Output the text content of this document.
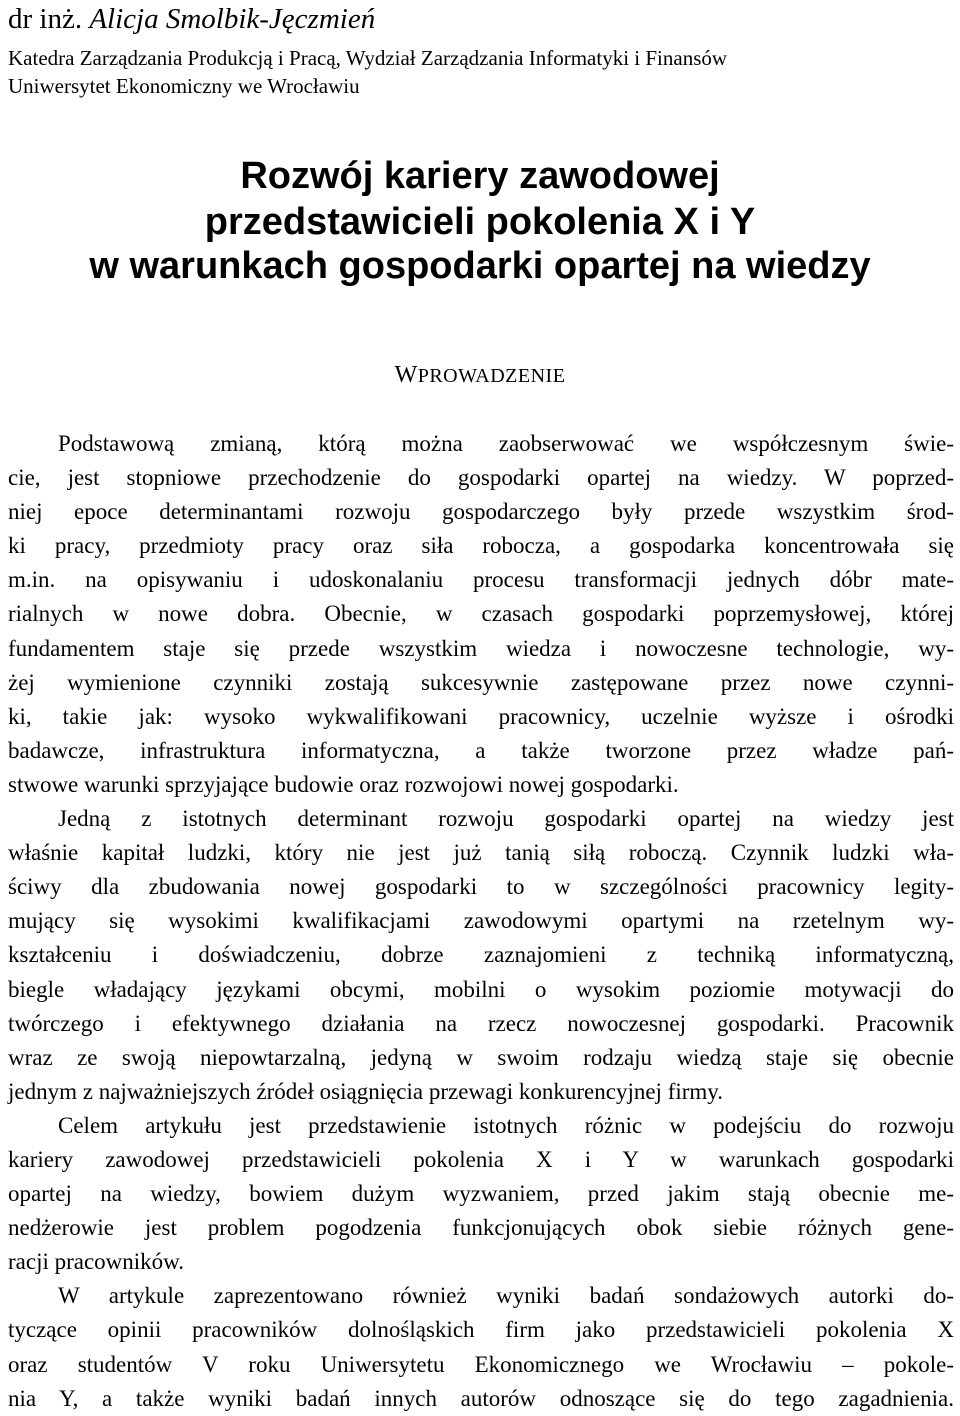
dr inż. Alicja Smolbik-Jęczmień
Katedra Zarządzania Produkcją i Pracą, Wydział Zarządzania Informatyki i Finansów
Uniwersytet Ekonomiczny we Wrocławiu
Rozwój kariery zawodowej
przedstawicieli pokolenia X i Y
w warunkach gospodarki opartej na wiedzy
WPROWADZENIE
Podstawową zmianą, którą można zaobserwować we współczesnym świe-
cie, jest stopniowe przechodzenie do gospodarki opartej na wiedzy. W poprzed-
niej epoce determinantami rozwoju gospodarczego były przede wszystkim środ-
ki pracy, przedmioty pracy oraz siła robocza, a gospodarka koncentrowała się
m.in. na opisywaniu i udoskonalaniu procesu transformacji jednych dóbr mate-
rialnych w nowe dobra. Obecnie, w czasach gospodarki poprzemysłowej, której
fundamentem staje się przede wszystkim wiedza i nowoczesne technologie, wy-
żej wymienione czynniki zostają sukcesywnie zastępowane przez nowe czynni-
ki, takie jak: wysoko wykwalifikowani pracownicy, uczelnie wyższe i ośrodki
badawcze, infrastruktura informatyczna, a także tworzone przez władze pań-
stwowe warunki sprzyjające budowie oraz rozwojowi nowej gospodarki.
Jedną z istotnych determinant rozwoju gospodarki opartej na wiedzy jest
właśnie kapitał ludzki, który nie jest już tanią siłą roboczą. Czynnik ludzki wła-
ściwy dla zbudowania nowej gospodarki to w szczególności pracownicy legity-
mujący się wysokimi kwalifikacjami zawodowymi opartymi na rzetelnym wy-
kształceniu i doświadczeniu, dobrze zaznajomieni z techniką informatyczną,
biegle władający językami obcymi, mobilni o wysokim poziomie motywacji do
twórczego i efektywnego działania na rzecz nowoczesnej gospodarki. Pracownik
wraz ze swoją niepowtarzalną, jedyną w swoim rodzaju wiedzą staje się obecnie
jednym z najważniejszych źródeł osiągnięcia przewagi konkurencyjnej firmy.
Celem artykułu jest przedstawienie istotnych różnic w podejściu do rozwoju
kariery zawodowej przedstawicieli pokolenia X i Y w warunkach gospodarki
opartej na wiedzy, bowiem dużym wyzwaniem, przed jakim stają obecnie me-
nedżerowie jest problem pogodzenia funkcjonujących obok siebie różnych gene-
racji pracowników.
W artykule zaprezentowano również wyniki badań sondażowych autorki do-
tyczące opinii pracowników dolnośląskich firm jako przedstawicieli pokolenia X
oraz studentów V roku Uniwersytetu Ekonomicznego we Wrocławiu – pokole-
nia Y, a także wyniki badań innych autorów odnoszące się do tego zagadnienia.
